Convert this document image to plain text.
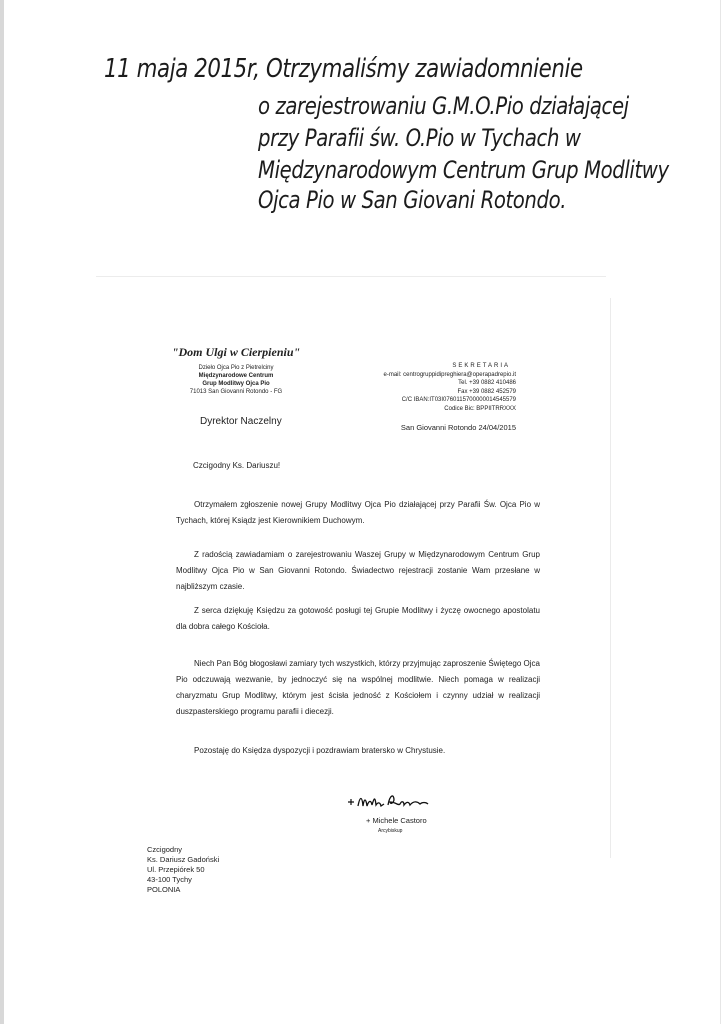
11 maja 2015r, Otrzymaliśmy zawiadomnienie
o zarejestrowaniu G.M.O.Pio działającej
przy Parafii św. O.Pio w Tychach w
Międzynarodowym Centrum Grup Modlitwy
Ojca Pio w San Giovani Rotondo.
"Dom Ulgi w Cierpieniu"
Dzieło Ojca Pio z Pietrelciny
Międzynarodowe Centrum
Grup Modlitwy Ojca Pio
71013 San Giovanni Rotondo - FG
Dyrektor Naczelny
SEKRETARIA
e-mail: centrogruppidipreghiera@operapadrepio.it
Tel. +39 0882 410486
Fax +39 0882 452579
C/C IBAN:IT03I0760115700000014545579
Codice Bic: BPPIITRRXXX
San Giovanni Rotondo 24/04/2015
Czcigodny Ks. Dariuszu!
Otrzymałem zgłoszenie nowej Grupy Modlitwy Ojca Pio działającej przy Parafii Św. Ojca Pio w Tychach, której Ksiądz jest Kierownikiem Duchowym.
Z radością zawiadamiam o zarejestrowaniu Waszej Grupy w Międzynarodowym Centrum Grup Modlitwy Ojca Pio w San Giovanni Rotondo. Świadectwo rejestracji zostanie Wam przesłane w najbliższym czasie.
Z serca dziękuję Księdzu za gotowość posługi tej Grupie Modlitwy i życzę owocnego apostolatu dla dobra całego Kościoła.
Niech Pan Bóg błogosławi zamiary tych wszystkich, którzy przyjmując zaproszenie Świętego Ojca Pio odczuwają wezwanie, by jednoczyć się na wspólnej modlitwie. Niech pomaga w realizacji charyzmatu Grup Modlitwy, którym jest ścisła jedność z Kościołem i czynny udział w realizacji duszpasterskiego programu parafii i diecezji.
Pozostaję do Księdza dyspozycji i pozdrawiam bratersko w Chrystusie.
+ Michele Castoro
Arcybiskup
Czcigodny
Ks. Dariusz Gadoński
Ul. Przepiórek 50
43-100 Tychy
POLONIA
